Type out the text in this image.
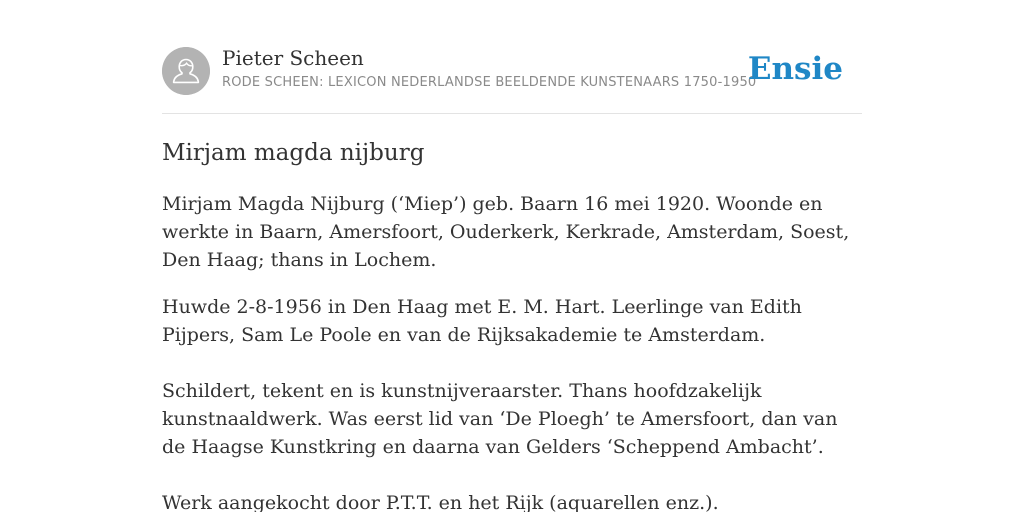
Pieter Scheen
RODE SCHEEN: LEXICON NEDERLANDSE BEELDENDE KUNSTENAARS 1750-1950
Ensie
Mirjam magda nijburg

Mirjam Magda Nijburg (‘Miep’) geb. Baarn 16 mei 1920. Woonde en werkte in Baarn, Amersfoort, Ouderkerk, Kerkrade, Amsterdam, Soest, Den Haag; thans in Lochem.

Huwde 2-8-1956 in Den Haag met E. M. Hart. Leerlinge van Edith Pijpers, Sam Le Poole en van de Rijksakademie te Amsterdam.

Schildert, tekent en is kunstnijveraarster. Thans hoofdzakelijk kunstnaaldwerk. Was eerst lid van ‘De Ploegh’ te Amersfoort, dan van de Haagse Kunstkring en daarna van Gelders ‘Scheppend Ambacht’.

Werk aangekocht door P.T.T. en het Rijk (aquarellen enz.).
